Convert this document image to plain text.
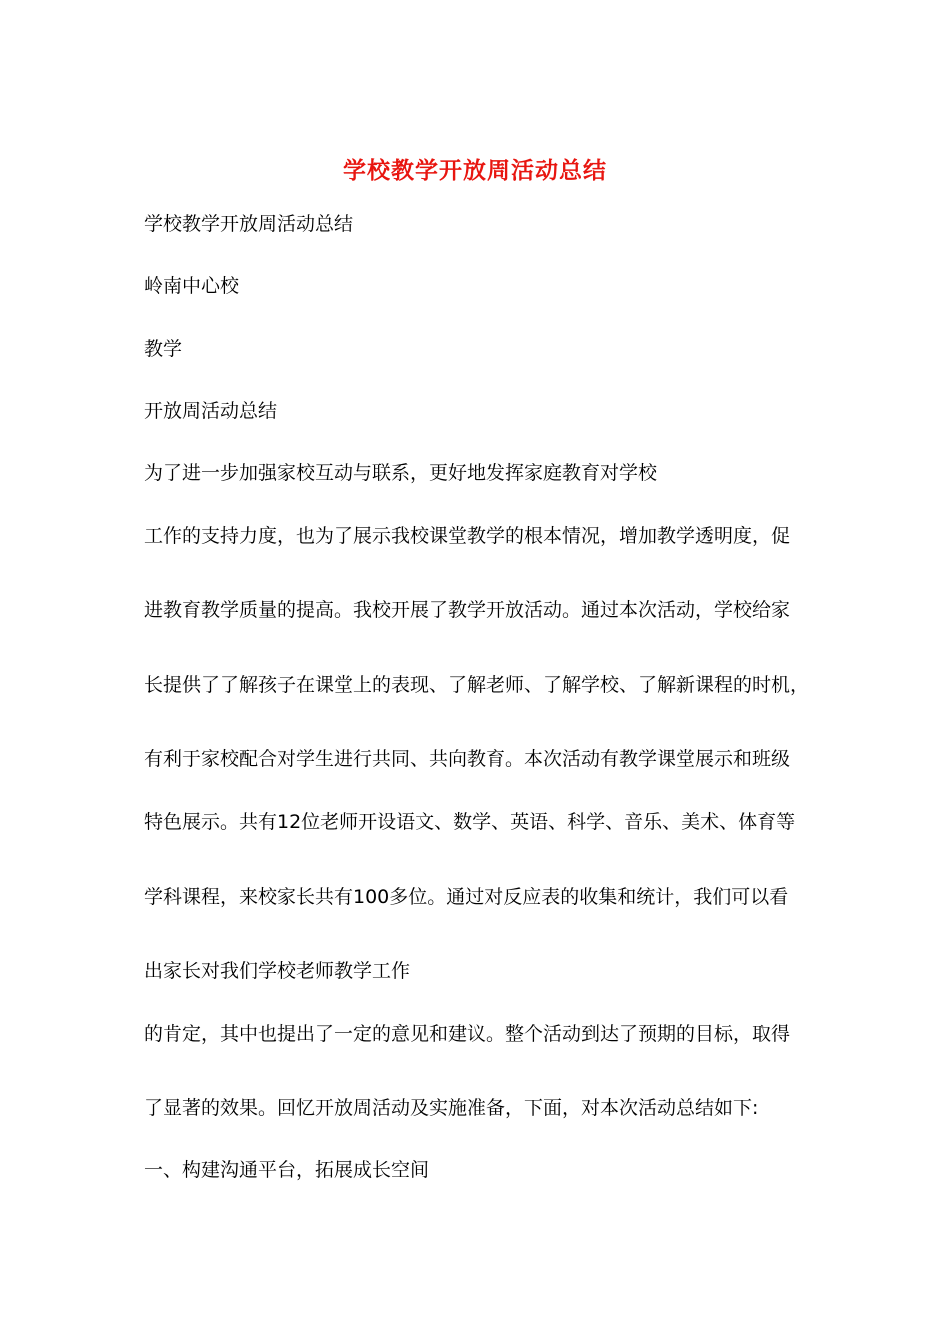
学校教学开放周活动总结
学校教学开放周活动总结
岭南中心校
教学
开放周活动总结
为了进一步加强家校互动与联系，更好地发挥家庭教育对学校
工作的支持力度，也为了展示我校课堂教学的根本情况，增加教学透明度，促
进教育教学质量的提高。我校开展了教学开放活动。通过本次活动，学校给家
长提供了了解孩子在课堂上的表现、了解老师、了解学校、了解新课程的时机，
有利于家校配合对学生进行共同、共向教育。本次活动有教学课堂展示和班级
特色展示。共有12位老师开设语文、数学、英语、科学、音乐、美术、体育等
学科课程，来校家长共有100多位。通过对反应表的收集和统计，我们可以看
出家长对我们学校老师教学工作
的肯定，其中也提出了一定的意见和建议。整个活动到达了预期的目标，取得
了显著的效果。回忆开放周活动及实施准备，下面，对本次活动总结如下:
一、构建沟通平台，拓展成长空间
